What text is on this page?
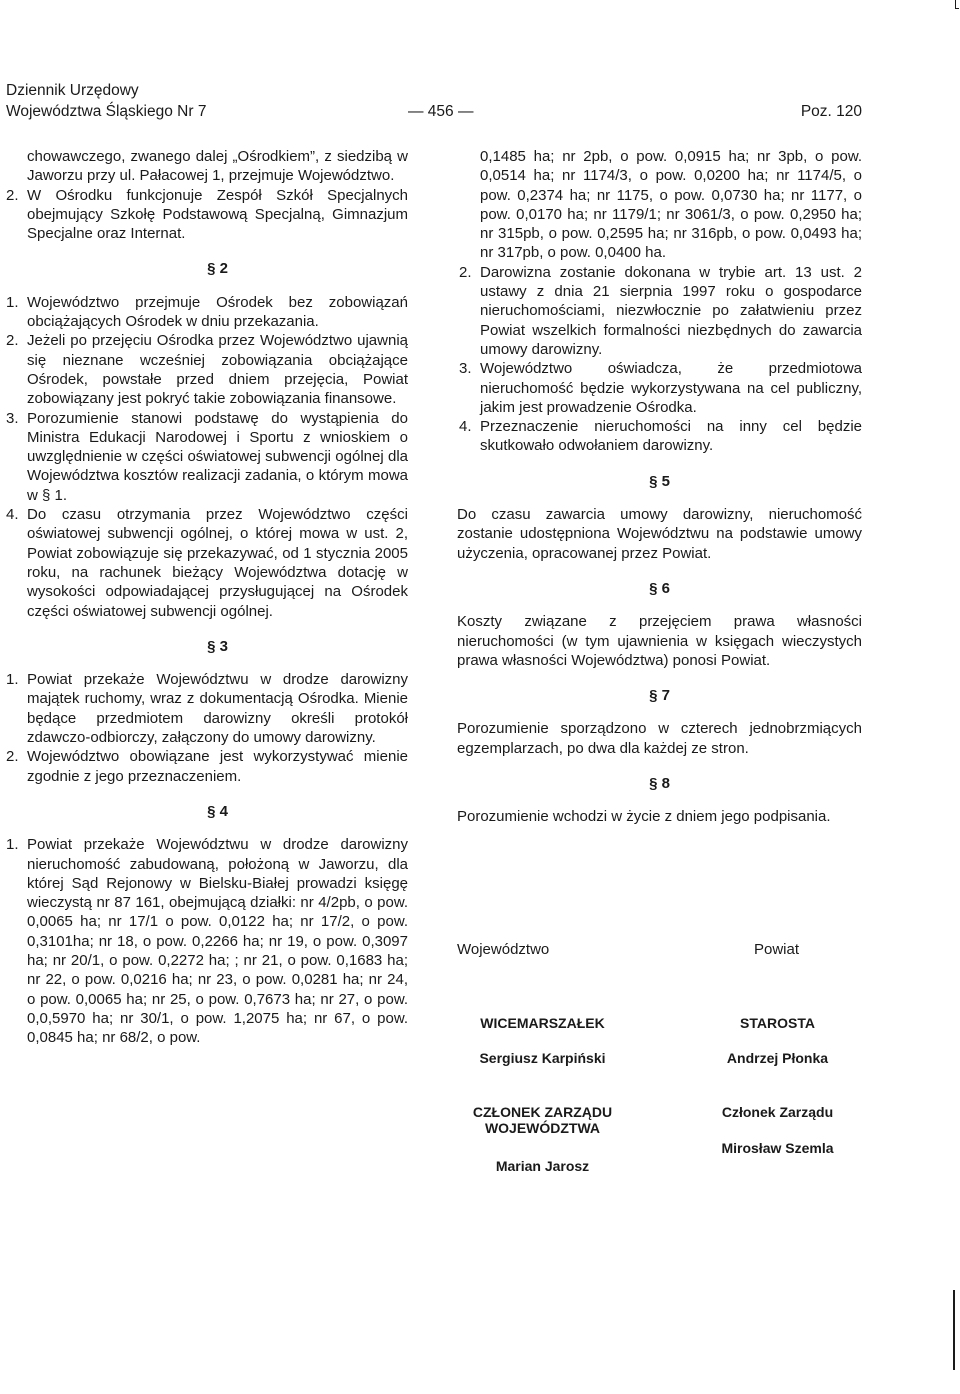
Dziennik Urzędowy
Województwa Śląskiego Nr 7	— 456 —	Poz. 120

chowawczego, zwanego dalej „Ośrodkiem”, z siedzibą w Jaworzu przy ul. Pałacowej 1, przejmuje Województwo.

2. W Ośrodku funkcjonuje Zespół Szkół Specjalnych obejmujący Szkołę Podstawową Specjalną, Gimnazjum Specjalne oraz Internat.

§ 2

1. Województwo przejmuje Ośrodek bez zobowiązań obciążających Ośrodek w dniu przekazania.

2. Jeżeli po przejęciu Ośrodka przez Województwo ujawnią się nieznane wcześniej zobowiązania obciążające Ośrodek, powstałe przed dniem przejęcia, Powiat zobowiązany jest pokryć takie zobowiązania finansowe.

3. Porozumienie stanowi podstawę do wystąpienia do Ministra Edukacji Narodowej i Sportu z wnioskiem o uwzględnienie w części oświatowej subwencji ogólnej dla Województwa kosztów realizacji zadania, o którym mowa w § 1.

4. Do czasu otrzymania przez Województwo części oświatowej subwencji ogólnej, o której mowa w ust. 2, Powiat zobowiązuje się przekazywać, od 1 stycznia 2005 roku, na rachunek bieżący Województwa dotację w wysokości odpowiadającej przysługującej na Ośrodek części oświatowej subwencji ogólnej.

§ 3

1. Powiat przekaże Województwu w drodze darowizny majątek ruchomy, wraz z dokumentacją Ośrodka. Mienie będące przedmiotem darowizny określi protokół zdawczo-odbiorczy, załączony do umowy darowizny.

2. Województwo obowiązane jest wykorzystywać mienie zgodnie z jego przeznaczeniem.

§ 4

1. Powiat przekaże Województwu w drodze darowizny nieruchomość zabudowaną, położoną w Jaworzu, dla której Sąd Rejonowy w Bielsku-Białej prowadzi księgę wieczystą nr 87 161, obejmującą działki: nr 4/2pb, o pow. 0,0065 ha; nr 17/1 o pow. 0,0122 ha; nr 17/2, o pow. 0,3101ha; nr 18, o pow. 0,2266 ha; nr 19, o pow. 0,3097 ha; nr 20/1, o pow. 0,2272 ha; ; nr 21, o pow. 0,1683 ha; nr 22, o pow. 0,0216 ha; nr 23, o pow. 0,0281 ha; nr 24, o pow. 0,0065 ha; nr 25, o pow. 0,7673 ha; nr 27, o pow. 0,0,5970 ha; nr 30/1, o pow. 1,2075 ha; nr 67, o pow. 0,0845 ha; nr 68/2, o pow.

0,1485 ha; nr 2pb, o pow. 0,0915 ha; nr 3pb, o pow. 0,0514 ha; nr 1174/3, o pow. 0,0200 ha; nr 1174/5, o pow. 0,2374 ha; nr 1175, o pow. 0,0730 ha; nr 1177, o pow. 0,0170 ha; nr 1179/1; nr 3061/3, o pow. 0,2950 ha; nr 315pb, o pow. 0,2595 ha; nr 316pb, o pow. 0,0493 ha; nr 317pb, o pow. 0,0400 ha.

2. Darowizna zostanie dokonana w trybie art. 13 ust. 2 ustawy z dnia 21 sierpnia 1997 roku o gospodarce nieruchomościami, niezwłocznie po załatwieniu przez Powiat wszelkich formalności niezbędnych do zawarcia umowy darowizny.

3. Województwo oświadcza, że przedmiotowa nieruchomość będzie wykorzystywana na cel publiczny, jakim jest prowadzenie Ośrodka.

4. Przeznaczenie nieruchomości na inny cel będzie skutkowało odwołaniem darowizny.

§ 5

Do czasu zawarcia umowy darowizny, nieruchomość zostanie udostępniona Województwu na podstawie umowy użyczenia, opracowanej przez Powiat.

§ 6

Koszty związane z przejęciem prawa własności nieruchomości (w tym ujawnienia w księgach wieczystych prawa własności Województwa) ponosi Powiat.

§ 7

Porozumienie sporządzono w czterech jednobrzmiących egzemplarzach, po dwa dla każdej ze stron.

§ 8

Porozumienie wchodzi w życie z dniem jego podpisania.

Województwo	Powiat
WICEMARSZAŁEK
Sergiusz Karpiński
CZŁONEK ZARZĄDU WOJEWÓDZTWA
Marian Jarosz
STAROSTA
Andrzej Płonka
Członek Zarządu
Mirosław Szemla
